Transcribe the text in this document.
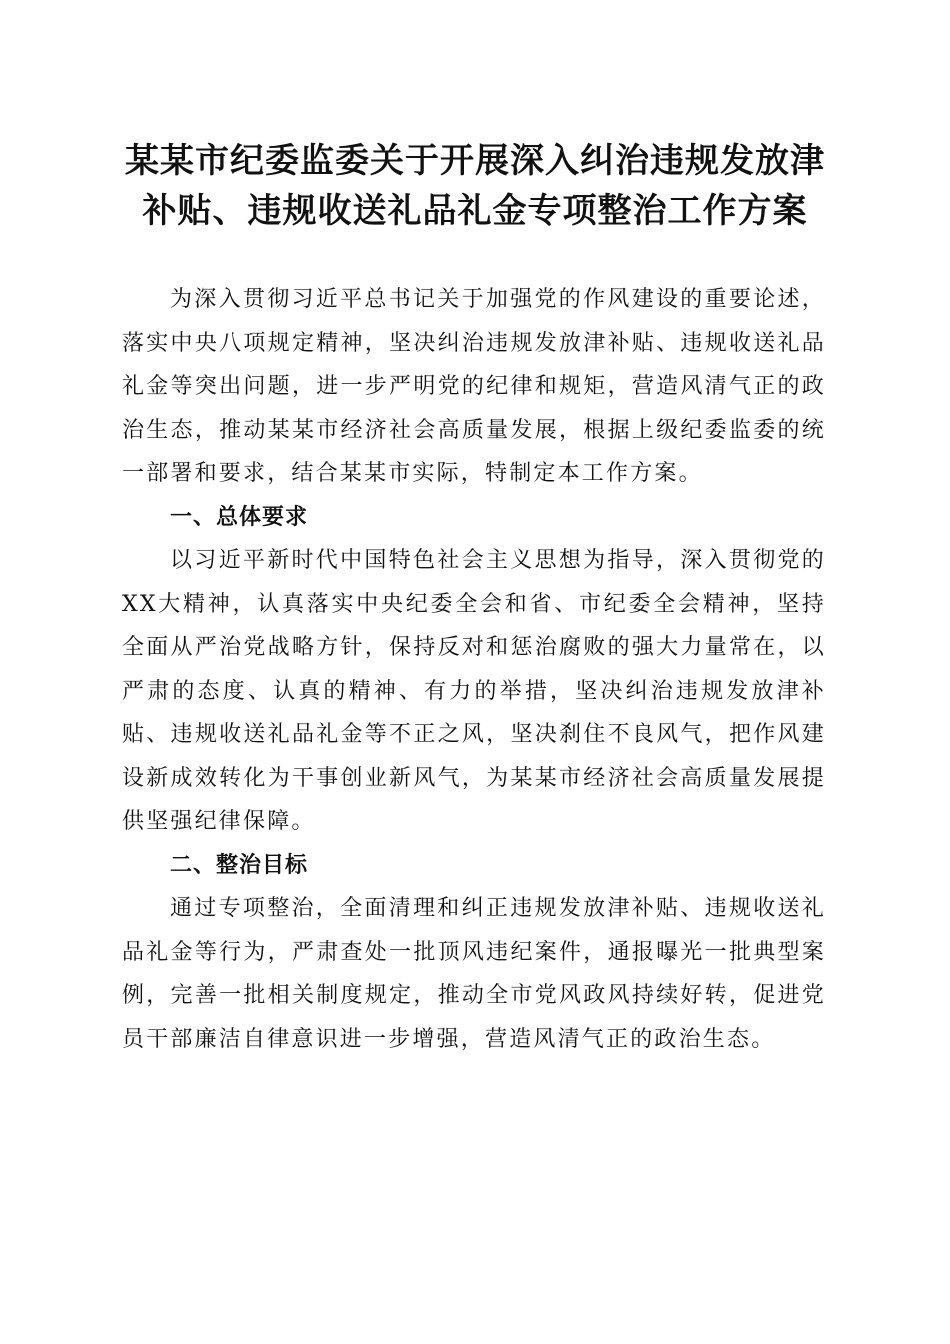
某某市纪委监委关于开展深入纠治违规发放津
补贴、违规收送礼品礼金专项整治工作方案

为深入贯彻习近平总书记关于加强党的作风建设的重要论述，落实中央八项规定精神，坚决纠治违规发放津补贴、违规收送礼品礼金等突出问题，进一步严明党的纪律和规矩，营造风清气正的政治生态，推动某某市经济社会高质量发展，根据上级纪委监委的统一部署和要求，结合某某市实际，特制定本工作方案。

一、总体要求

以习近平新时代中国特色社会主义思想为指导，深入贯彻党的XX大精神，认真落实中央纪委全会和省、市纪委全会精神，坚持全面从严治党战略方针，保持反对和惩治腐败的强大力量常在，以严肃的态度、认真的精神、有力的举措，坚决纠治违规发放津补贴、违规收送礼品礼金等不正之风，坚决刹住不良风气，把作风建设新成效转化为干事创业新风气，为某某市经济社会高质量发展提供坚强纪律保障。

二、整治目标

通过专项整治，全面清理和纠正违规发放津补贴、违规收送礼品礼金等行为，严肃查处一批顶风违纪案件，通报曝光一批典型案例，完善一批相关制度规定，推动全市党风政风持续好转，促进党员干部廉洁自律意识进一步增强，营造风清气正的政治生态。
